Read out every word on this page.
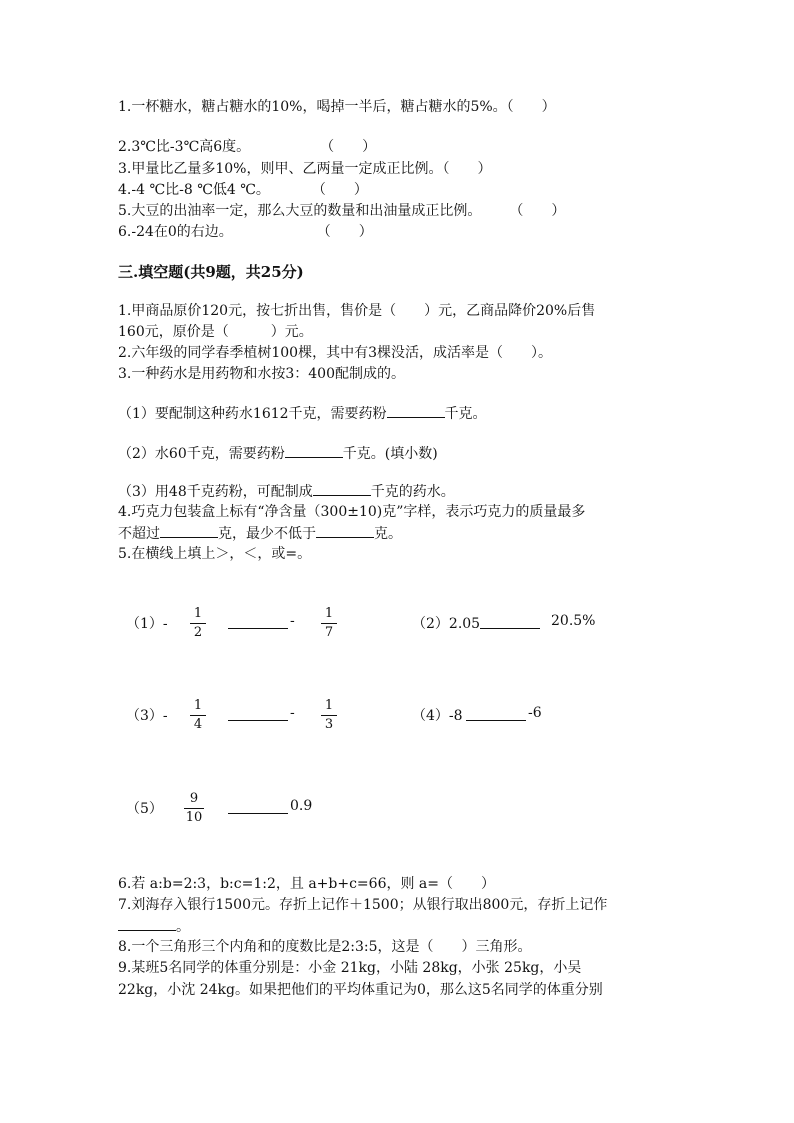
1.一杯糖水，糖占糖水的10%，喝掉一半后，糖占糖水的5%。（　　）
2.3℃比-3℃高6度。　　　　　　（　　）
3.甲量比乙量多10%，则甲、乙两量一定成正比例。（　　）
4.-4 ℃比-8 ℃低4 ℃。　　　　（　　）
5.大豆的出油率一定，那么大豆的数量和出油量成正比例。　　　（　　）
6.-24在0的右边。　　　　　　　（　　）
三.填空题(共9题，共25分)
1.甲商品原价120元，按七折出售，售价是（　　）元，乙商品降价20%后售
160元，原价是（　　　）元。
2.六年级的同学春季植树100棵，其中有3棵没活，成活率是（　　）。
3.一种药水是用药物和水按3：400配制成的。
（1）要配制这种药水1612千克，需要药粉	千克。
（2）水60千克，需要药粉	千克。(填小数)
（3）用48千克药粉，可配制成	千克的药水。
4.巧克力包装盒上标有“净含量（300±10)克”字样，表示巧克力的质量最多
不超过	克，最少不低于	克。
5.在横线上填上＞，＜，或=。
（1）-
1
2
- 1
7
（2）2.05	20.5%
（3）-
1
4
- 1
3
（4）-8	-6
（5）
9
10
0.9
6.若 a:b=2:3，b:c=1:2，且 a+b+c=66，则 a=（　　）
7.刘海存入银行1500元。存折上记作＋1500；从银行取出800元，存折上记作
。
8.一个三角形三个内角和的度数比是2:3:5，这是（　　）三角形。
9.某班5名同学的体重分别是：小金 21kg，小陆 28kg，小张 25kg，小吴
22kg，小沈 24kg。如果把他们的平均体重记为0，那么这5名同学的体重分别
